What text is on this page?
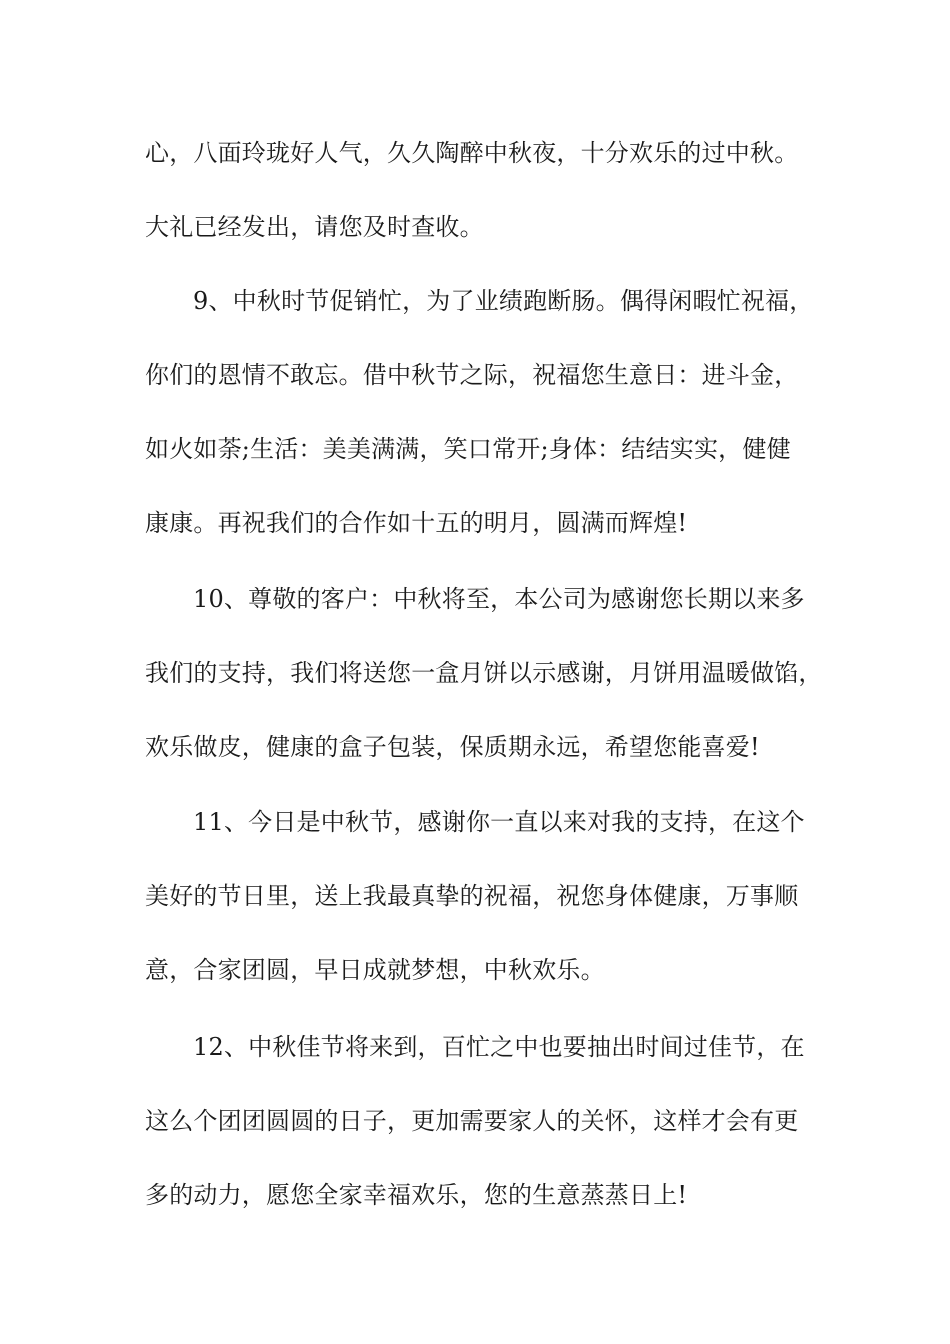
心，八面玲珑好人气，久久陶醉中秋夜，十分欢乐的过中秋。
大礼已经发出，请您及时查收。
9、中秋时节促销忙，为了业绩跑断肠。偶得闲暇忙祝福，
你们的恩情不敢忘。借中秋节之际，祝福您生意日：进斗金，
如火如荼;生活：美美满满，笑口常开;身体：结结实实，健健
康康。再祝我们的合作如十五的明月，圆满而辉煌!
10、尊敬的客户：中秋将至，本公司为感谢您长期以来多
我们的支持，我们将送您一盒月饼以示感谢，月饼用温暖做馅，
欢乐做皮，健康的盒子包装，保质期永远，希望您能喜爱!
11、今日是中秋节，感谢你一直以来对我的支持，在这个
美好的节日里，送上我最真挚的祝福，祝您身体健康，万事顺
意，合家团圆，早日成就梦想，中秋欢乐。
12、中秋佳节将来到，百忙之中也要抽出时间过佳节，在
这么个团团圆圆的日子，更加需要家人的关怀，这样才会有更
多的动力，愿您全家幸福欢乐，您的生意蒸蒸日上!
